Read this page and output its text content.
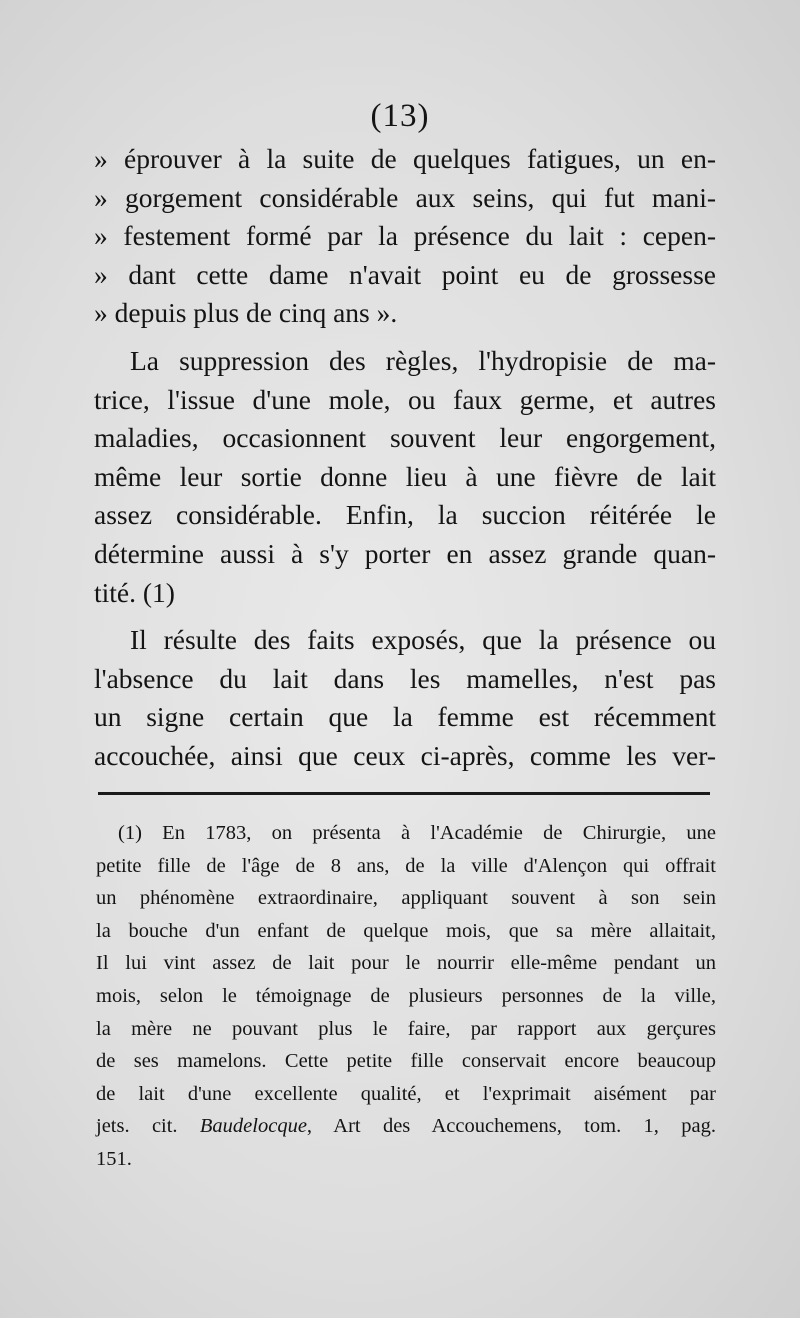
(13)
» éprouver à la suite de quelques fatigues, un en-
» gorgement considérable aux seins, qui fut mani-
» festement formé par la présence du lait : cepen-
» dant cette dame n'avait point eu de grossesse
» depuis plus de cinq ans ».
La suppression des règles, l'hydropisie de ma-
trice, l'issue d'une mole, ou faux germe, et autres
maladies, occasionnent souvent leur engorgement,
même leur sortie donne lieu à une fièvre de lait
assez considérable. Enfin, la succion réitérée le
détermine aussi à s'y porter en assez grande quan-
tité. (1)
Il résulte des faits exposés, que la présence ou
l'absence du lait dans les mamelles, n'est pas
un signe certain que la femme est récemment
accouchée, ainsi que ceux ci-après, comme les ver-
(1) En 1783, on présenta à l'Académie de Chirurgie, une
petite fille de l'âge de 8 ans, de la ville d'Alençon qui offrait
un phénomène extraordinaire, appliquant souvent à son sein
la bouche d'un enfant de quelque mois, que sa mère allaitait,
Il lui vint assez de lait pour le nourrir elle-même pendant un
mois, selon le témoignage de plusieurs personnes de la ville,
la mère ne pouvant plus le faire, par rapport aux gerçures
de ses mamelons. Cette petite fille conservait encore beaucoup
de lait d'une excellente qualité, et l'exprimait aisément par
jets. cit. Baudelocque, Art des Accouchemens, tom. 1, pag.
151.
